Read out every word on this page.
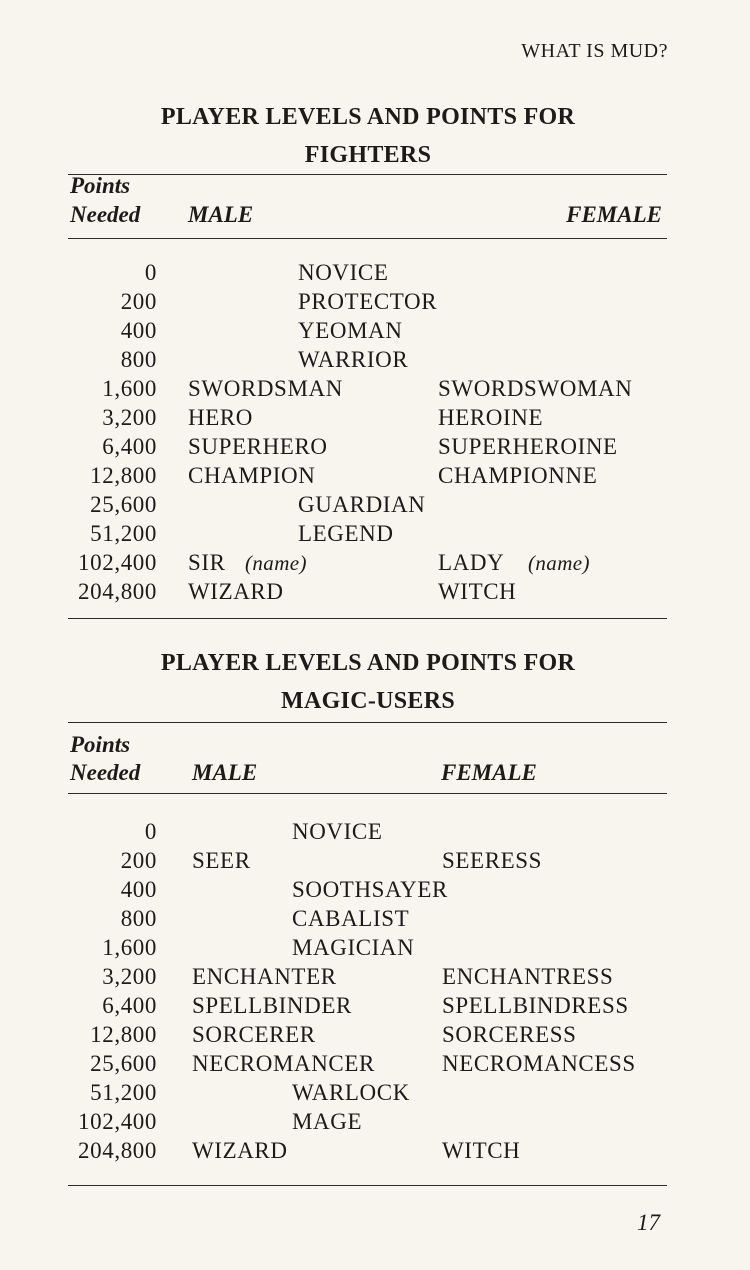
WHAT IS MUD?
PLAYER LEVELS AND POINTS FOR
FIGHTERS
Points
Needed MALE	FEMALE
0	NOVICE
200	PROTECTOR
400	YEOMAN
800	WARRIOR
1,600 SWORDSMAN	SWORDSWOMAN
3,200 HERO	HEROINE
6,400 SUPERHERO	SUPERHEROINE
12,800 CHAMPION	CHAMPIONNE
25,600	GUARDIAN
51,200	LEGEND
102,400 SIR (name)	LADY (name)
204,800 WIZARD	WITCH
PLAYER LEVELS AND POINTS FOR
MAGIC-USERS
Points
Needed MALE	FEMALE
0	NOVICE
200 SEER	SEERESS
400	SOOTHSAYER
800	CABALIST
1,600	MAGICIAN
3,200 ENCHANTER	ENCHANTRESS
6,400 SPELLBINDER	SPELLBINDRESS
12,800 SORCERER	SORCERESS
25,600 NECROMANCER	NECROMANCESS
51,200	WARLOCK
102,400	MAGE
204,800 WIZARD	WITCH
17
